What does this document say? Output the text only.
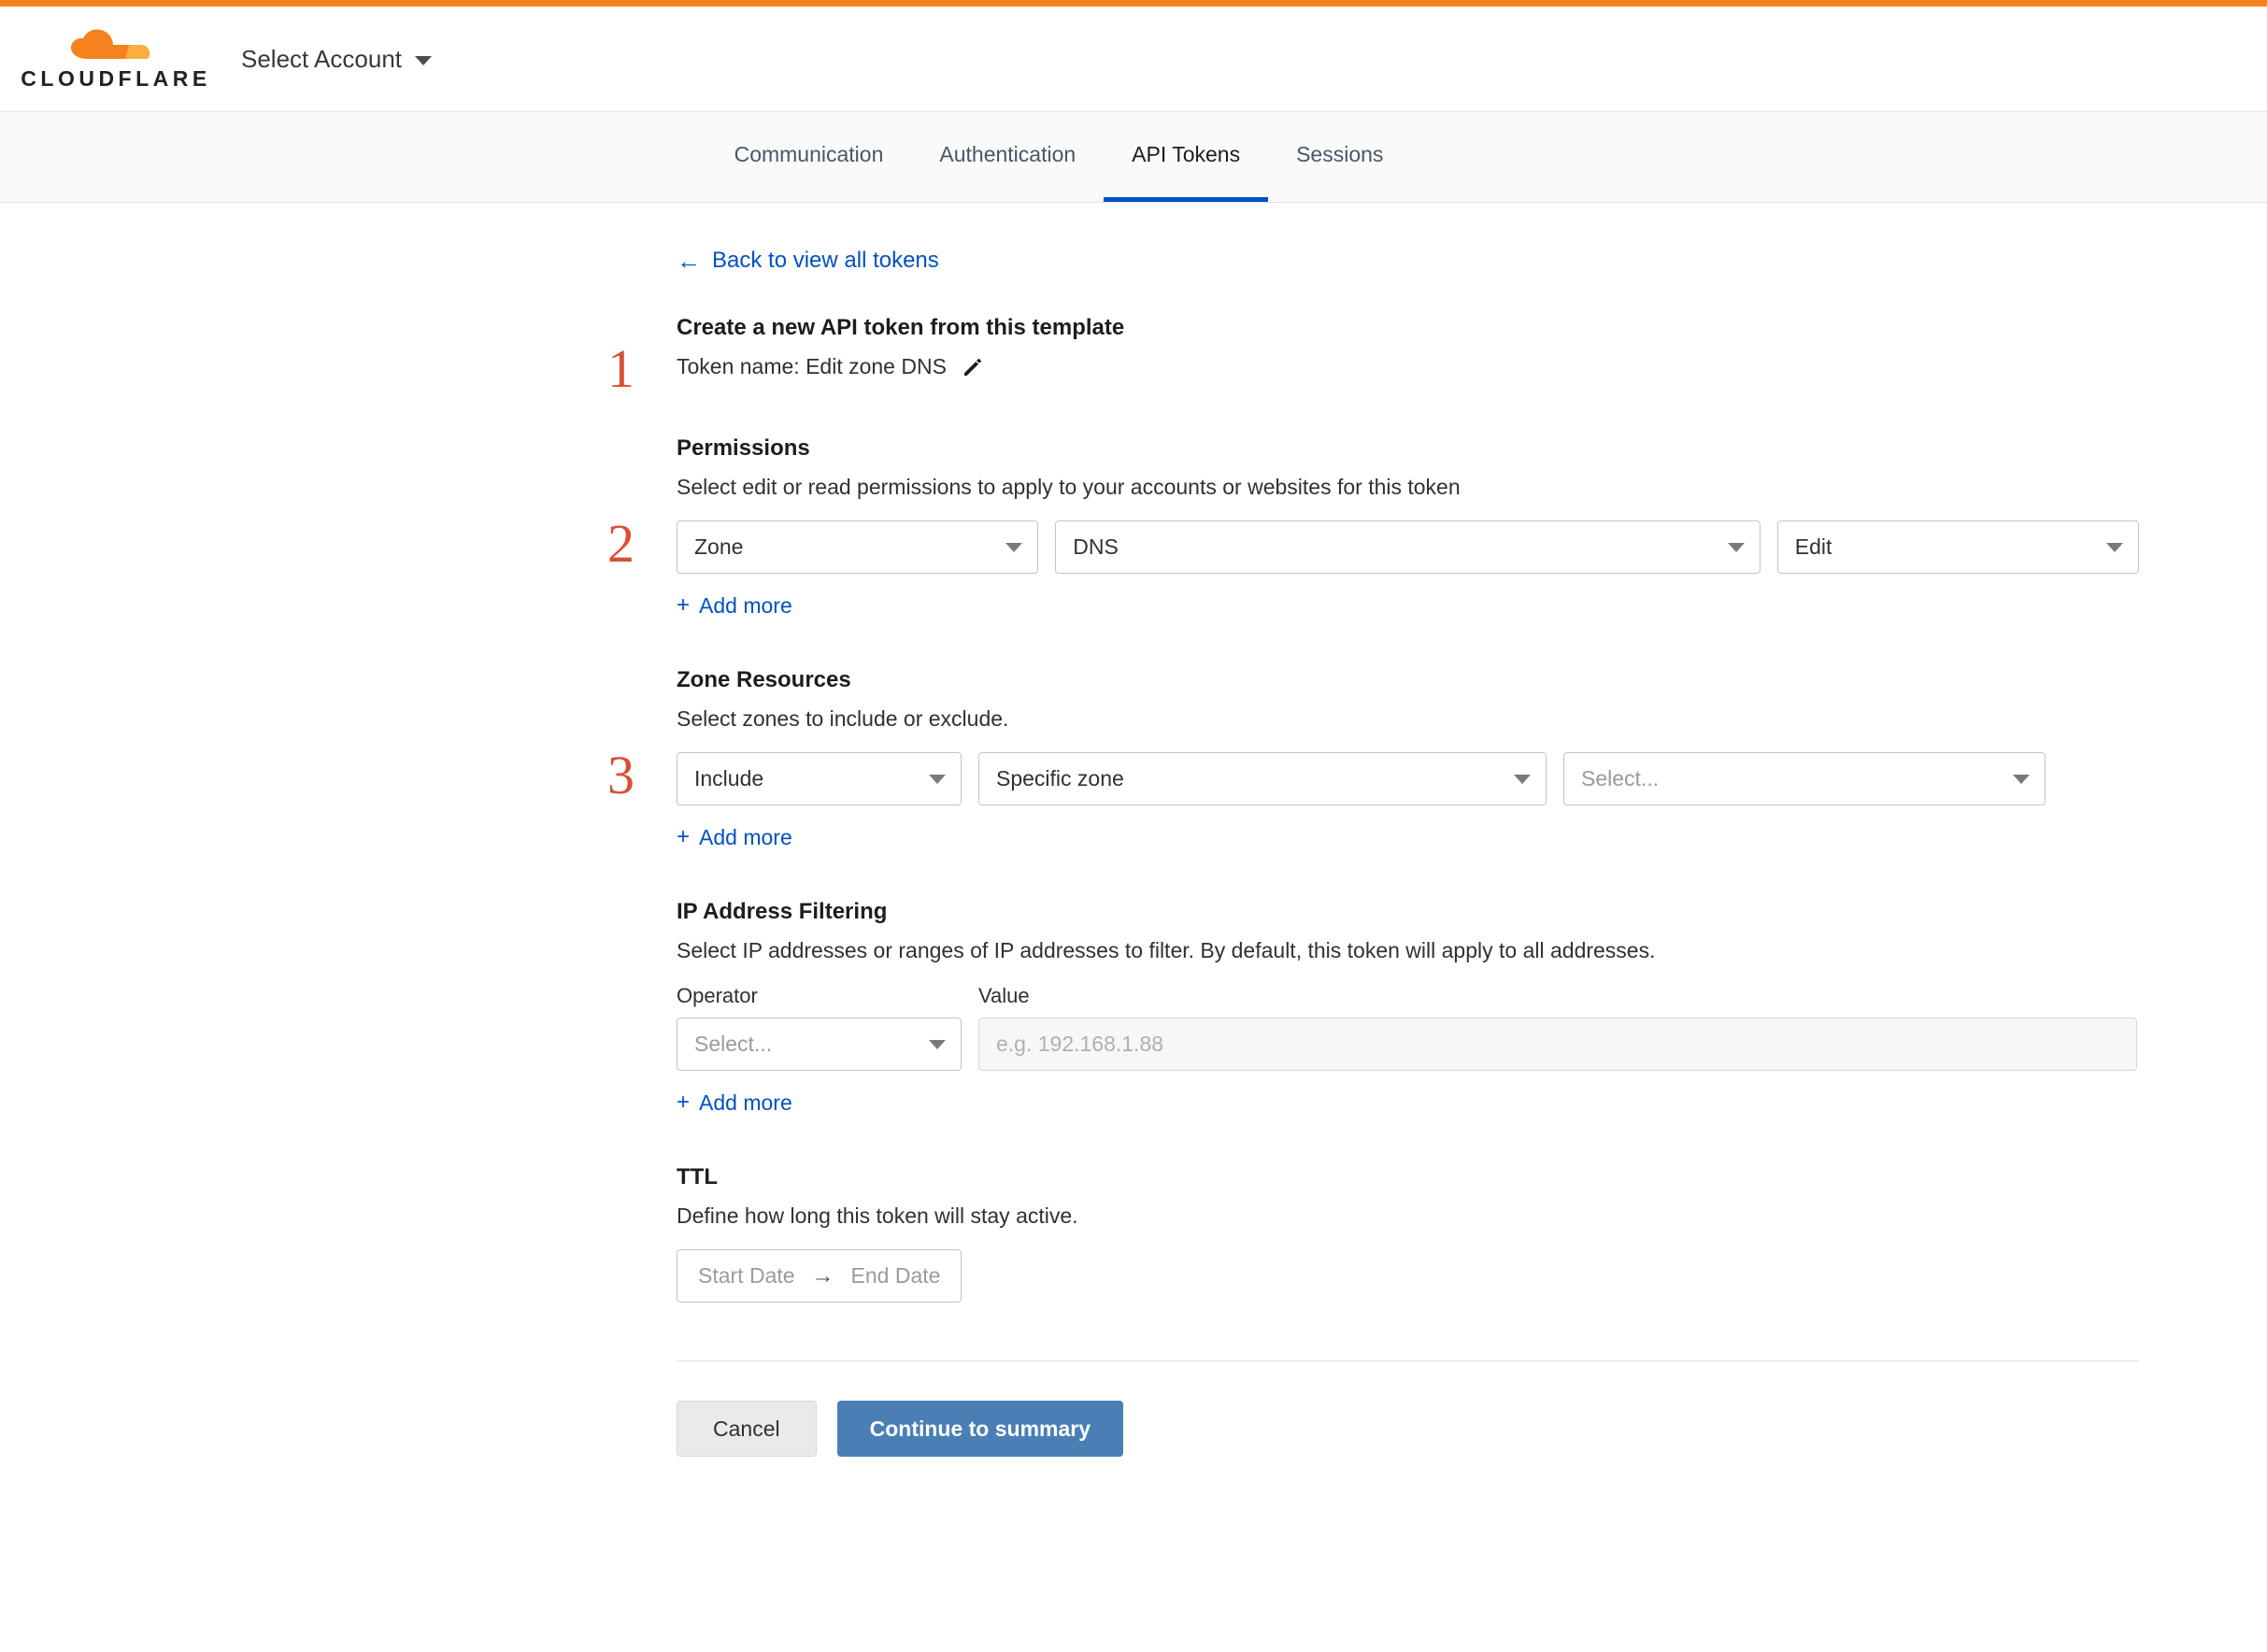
CLOUDFLARE
Select Account
Communication	Authentication	API Tokens	Sessions
← Back to view all tokens
1
Create a new API token from this template
Token name: Edit zone DNS
2
Permissions

Select edit or read permissions to apply to your accounts or websites for this token

Zone	DNS	Edit
+ Add more
3
Zone Resources

Select zones to include or exclude.

Include	Specific zone	Select...
+ Add more
IP Address Filtering

Select IP addresses or ranges of IP addresses to filter. By default, this token will apply to all addresses.

Operator
Select...
Value
e.g. 192.168.1.88
+ Add more
TTL

Define how long this token will stay active.

Start Date → End Date
Cancel	Continue to summary
